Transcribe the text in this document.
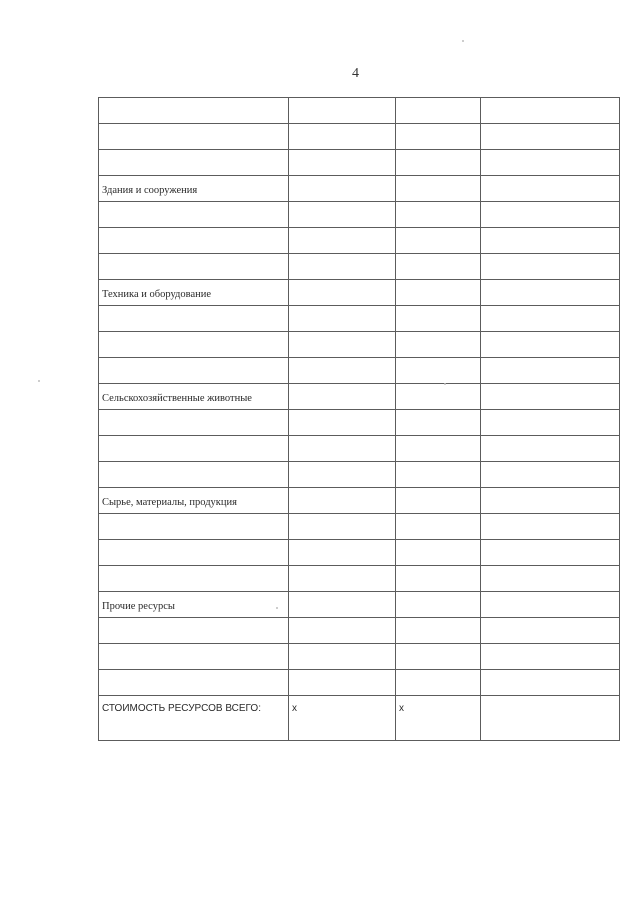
4

Здания и сооружения			

Техника и оборудование			

Сельскохозяйственные животные			

Сырье, материалы, продукция			

Прочие ресурсы			

СТОИМОСТЬ РЕСУРСОВ ВСЕГО:	x	x	
